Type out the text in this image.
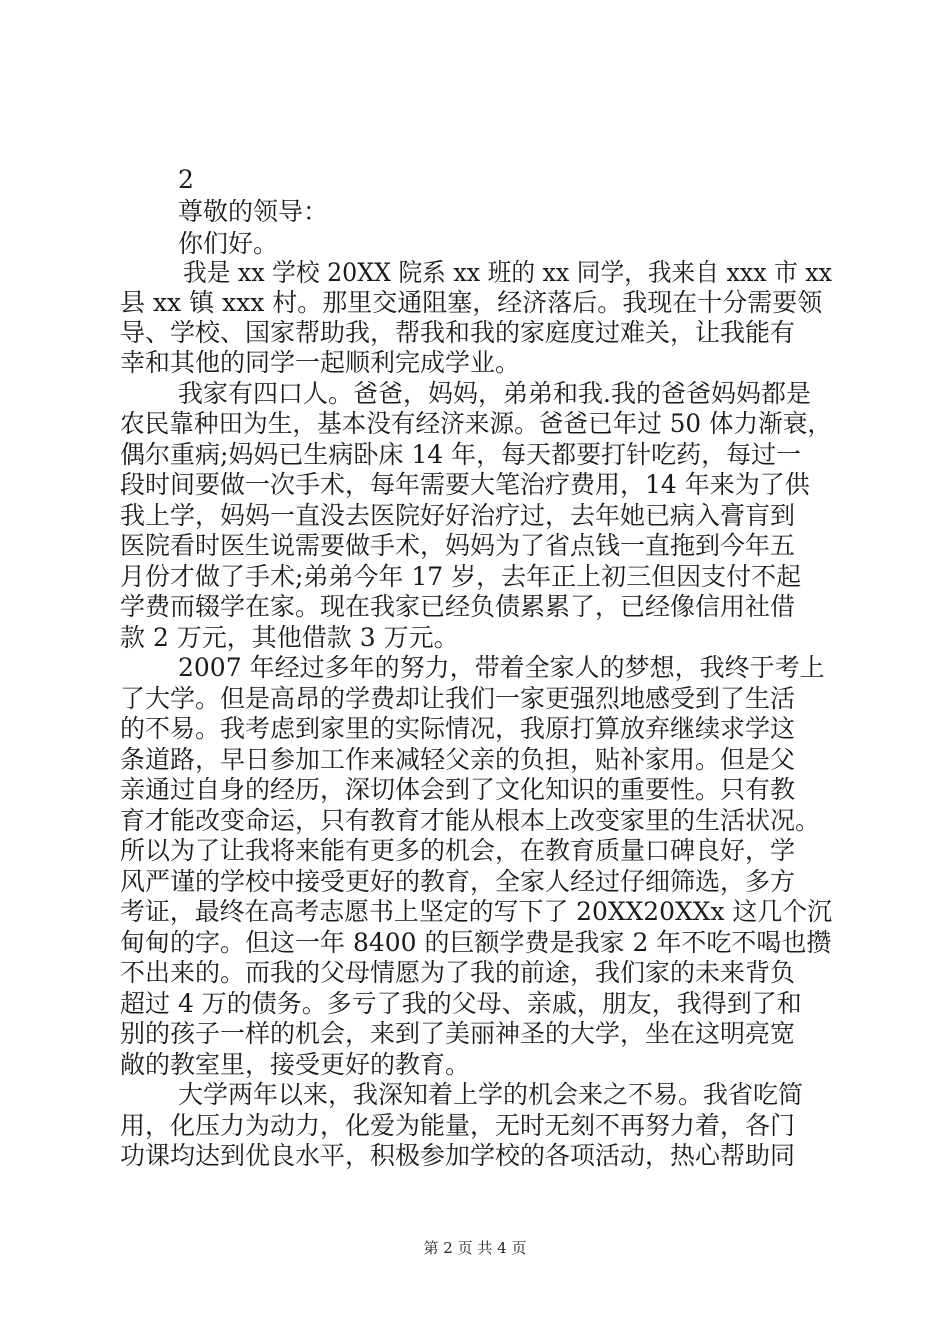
2
尊敬的领导：
你们好。
我是 xx 学校 20XX 院系 xx 班的 xx 同学，我来自 xxx 市 xx
县 xx 镇 xxx 村。那里交通阻塞，经济落后。我现在十分需要领
导、学校、国家帮助我，帮我和我的家庭度过难关，让我能有
幸和其他的同学一起顺利完成学业。
我家有四口人。爸爸，妈妈，弟弟和我.我的爸爸妈妈都是
农民靠种田为生，基本没有经济来源。爸爸已年过 50 体力渐衰，
偶尔重病;妈妈已生病卧床 14 年，每天都要打针吃药，每过一
段时间要做一次手术，每年需要大笔治疗费用，14 年来为了供
我上学，妈妈一直没去医院好好治疗过，去年她已病入膏肓到
医院看时医生说需要做手术，妈妈为了省点钱一直拖到今年五
月份才做了手术;弟弟今年 17 岁，去年正上初三但因支付不起
学费而辍学在家。现在我家已经负债累累了，已经像信用社借
款 2 万元，其他借款 3 万元。
2007 年经过多年的努力，带着全家人的梦想，我终于考上
了大学。但是高昂的学费却让我们一家更强烈地感受到了生活
的不易。我考虑到家里的实际情况，我原打算放弃继续求学这
条道路，早日参加工作来减轻父亲的负担，贴补家用。但是父
亲通过自身的经历，深切体会到了文化知识的重要性。只有教
育才能改变命运，只有教育才能从根本上改变家里的生活状况。
所以为了让我将来能有更多的机会，在教育质量口碑良好，学
风严谨的学校中接受更好的教育，全家人经过仔细筛选，多方
考证，最终在高考志愿书上坚定的写下了 20XX20XXx 这几个沉
甸甸的字。但这一年 8400 的巨额学费是我家 2 年不吃不喝也攒
不出来的。而我的父母情愿为了我的前途，我们家的未来背负
超过 4 万的债务。多亏了我的父母、亲戚，朋友，我得到了和
别的孩子一样的机会，来到了美丽神圣的大学，坐在这明亮宽
敞的教室里，接受更好的教育。
大学两年以来，我深知着上学的机会来之不易。我省吃简
用，化压力为动力，化爱为能量，无时无刻不再努力着，各门
功课均达到优良水平，积极参加学校的各项活动，热心帮助同
第 2 页 共 4 页
